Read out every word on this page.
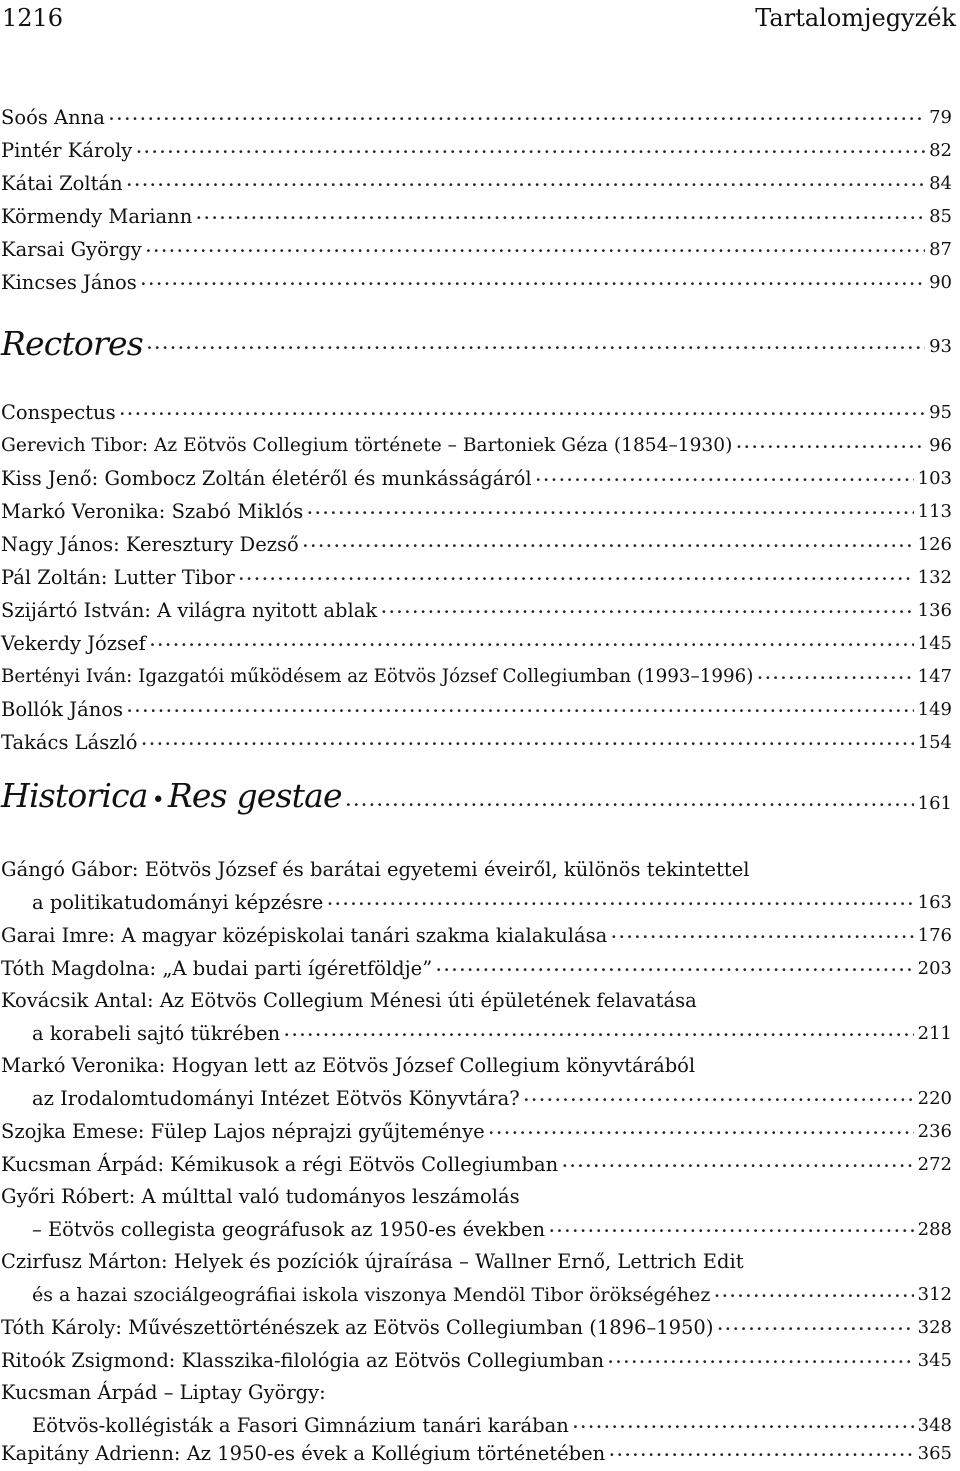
1216	Tartalomjegyzék
Soós Anna . . .	79
Pintér Károly . . .	82
Kátai Zoltán . . .	84
Körmendy Mariann . . .	85
Karsai György . . .	87
Kincses János . . .	90
Rectores . . .	93
Conspectus . . .	95
Gerevich Tibor: Az Eötvös Collegium története – Bartoniek Géza (1854–1930) . . .	96
Kiss Jenő: Gombocz Zoltán életéről és munkásságáról . . .	103
Markó Veronika: Szabó Miklós . . .	113
Nagy János: Keresztury Dezső . . .	126
Pál Zoltán: Lutter Tibor . . .	132
Szijártó István: A világra nyitott ablak . . .	136
Vekerdy József . . .	145
Bertényi Iván: Igazgatói működésem az Eötvös József Collegiumban (1993–1996) . . .	147
Bollók János . . .	149
Takács László . . .	154
Historica • Res gestae . . .	161
Gángó Gábor: Eötvös József és barátai egyetemi éveiről, különös tekintettel
a politikatudományi képzésre . . .	163
Garai Imre: A magyar középiskolai tanári szakma kialakulása . . .	176
Tóth Magdolna: „A budai parti ígéretföldje” . . .	203
Kovácsik Antal: Az Eötvös Collegium Ménesi úti épületének felavatása
a korabeli sajtó tükrében . . .	211
Markó Veronika: Hogyan lett az Eötvös József Collegium könyvtárából
az Irodalomtudományi Intézet Eötvös Könyvtára? . . .	220
Szojka Emese: Fülep Lajos néprajzi gyűjteménye . . .	236
Kucsman Árpád: Kémikusok a régi Eötvös Collegiumban . . .	272
Győri Róbert: A múlttal való tudományos leszámolás
– Eötvös collegista geográfusok az 1950-es években . . .	288
Czirfusz Márton: Helyek és pozíciók újraírása – Wallner Ernő, Lettrich Edit
és a hazai szociálgeográfiai iskola viszonya Mendöl Tibor örökségéhez . . .	312
Tóth Károly: Művészettörténészek az Eötvös Collegiumban (1896–1950) . . .	328
Ritoók Zsigmond: Klasszika-filológia az Eötvös Collegiumban . . .	345
Kucsman Árpád – Liptay György:
Eötvös-kollégisták a Fasori Gimnázium tanári karában . . .	348
Kapitány Adrienn: Az 1950-es évek a Kollégium történetében . . .	365
